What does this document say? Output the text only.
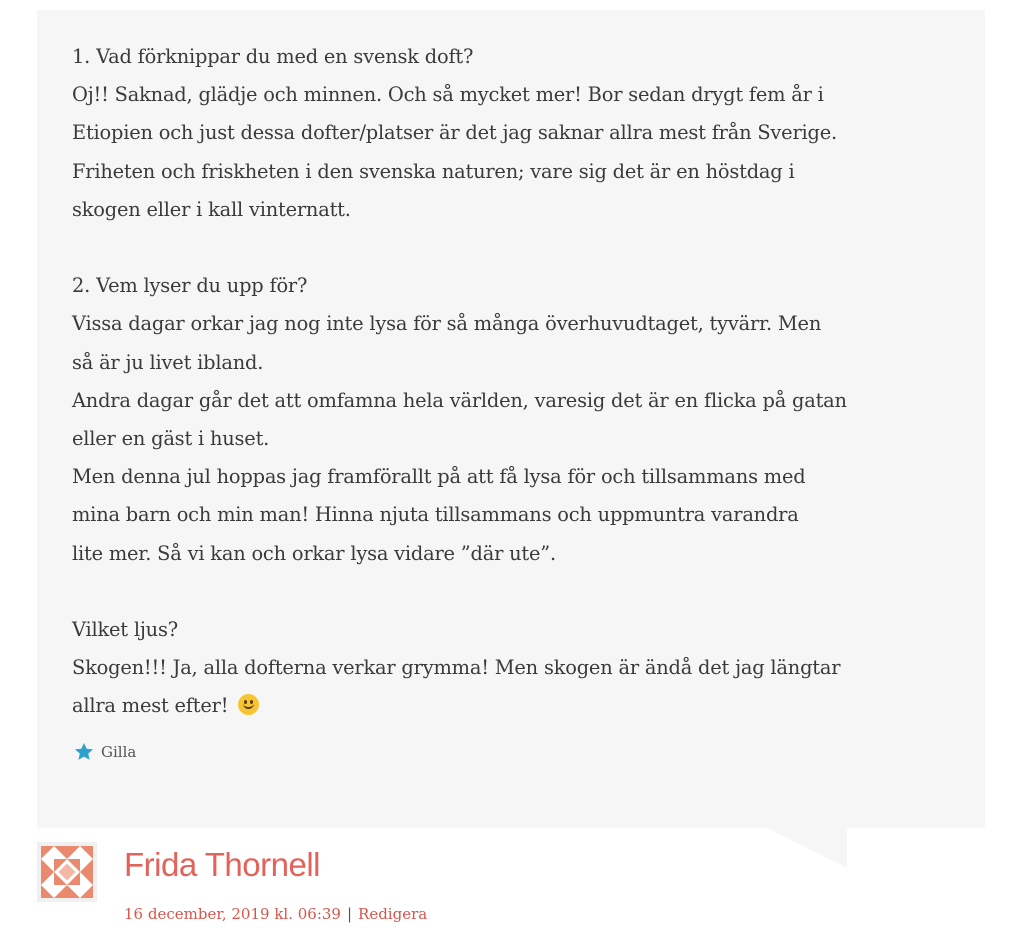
1. Vad förknippar du med en svensk doft?
Oj!! Saknad, glädje och minnen. Och så mycket mer! Bor sedan drygt fem år i
Etiopien och just dessa dofter/platser är det jag saknar allra mest från Sverige.
Friheten och friskheten i den svenska naturen; vare sig det är en höstdag i
skogen eller i kall vinternatt.

2. Vem lyser du upp för?
Vissa dagar orkar jag nog inte lysa för så många överhuvudtaget, tyvärr. Men
så är ju livet ibland.
Andra dagar går det att omfamna hela världen, varesig det är en flicka på gatan
eller en gäst i huset.
Men denna jul hoppas jag framförallt på att få lysa för och tillsammans med
mina barn och min man! Hinna njuta tillsammans och uppmuntra varandra
lite mer. Så vi kan och orkar lysa vidare ”där ute”.

Vilket ljus?
Skogen!!! Ja, alla dofterna verkar grymma! Men skogen är ändå det jag längtar
allra mest efter!

Gilla
Frida Thornell
16 december, 2019 kl. 06:39 | Redigera
